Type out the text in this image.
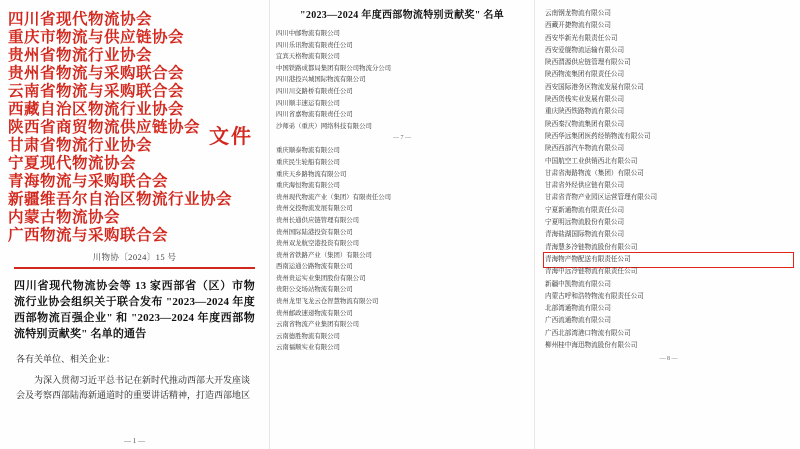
四川省现代物流协会
重庆市物流与供应链协会
贵州省物流行业协会
贵州省物流与采购联合会
云南省物流与采购联合会
西藏自治区物流行业协会
陕西省商贸物流供应链协会
甘肃省物流行业协会
宁夏现代物流协会
青海物流与采购联合会
新疆维吾尔自治区物流行业协会
内蒙古物流协会
广西物流与采购联合会
文件
川物协〔2024〕15 号
四川省现代物流协会等 13 家西部省（区）市物流行业协会组织关于联合发布 "2023—2024 年度西部物流百强企业" 和 "2023—2024 年度西部物流特别贡献奖" 名单的通告

各有关单位、相关企业：

为深入贯彻习近平总书记在新时代推动西部大开发座谈会及考察西部陆海新通道时的重要讲话精神，打造西部地区

— 1 —
"2023—2024 年度西部物流特别贡献奖" 名单
四川中邮物流有限公司
四川乐讯物流有限责任公司
宜宾天格物流有限公司
中国铁路成都局集团有限公司物流分公司
四川港投兴城国际物流有限公司
四川川交路桥有限责任公司
四川顺丰速运有限公司
四川省嘉物流有限责任公司
沙师弟（重庆）网络科技有限公司
— 7 —
重庆顺泰物流有限公司
重庆民生轮船有限公司
重庆天乡路物流有限公司
重庆海恒物流有限公司
贵州现代物流产业（集团）有限责任公司
贵州交投物流发展有限公司
贵州长通供应链管理有限公司
贵州国际陆港投资有限公司
贵州双龙航空港投资有限公司
贵州省铁路产业（集团）有限公司
西南运通公路物流有限公司
贵州贵运实业集团股份有限公司
贵阳公交场站物流有限公司
贵州龙里飞龙云仓智慧物流有限公司
贵州邮政速递物流有限公司
云南省物流产业集团有限公司
云南德胜物流有限公司
云南福顺实业有限公司
云南钢龙物流有限公司
西藏开捷物流有限公司
西安毕新光有限责任公司
西安爱舰物流运输有限公司
陕西渭源供应链管理有限公司
陕西物流集团有限责任公司
西安国际港务区物流发展有限公司
陕西货栈实业发展有限公司
重庆陕西铁路物流有限公司
陕西秦汉物流集团有限公司
陕西华远集团医药经销物流有限公司
陕西西部汽车物流有限公司
中国航空工业供销西北有限公司
甘肃省海路物流（集团）有限公司
甘肃省外经供应链有限公司
甘肃省青物产业园区运营管理有限公司
宁夏新通物流有限责任公司
宁夏明远物流股份有限公司
青海盐湖国际物流有限公司
青海慧多冷链物流股份有限公司
青海物产物配送有限责任公司
青海中远冷链物流有限责任公司
新疆中凯物流有限公司
内蒙古呼和浩特物流有限责任公司
北部湾通物流有限公司
广西流通物流有限公司
广西北部湾港口物流有限公司
柳州桂中海迅物流股份有限公司
— 8 —
